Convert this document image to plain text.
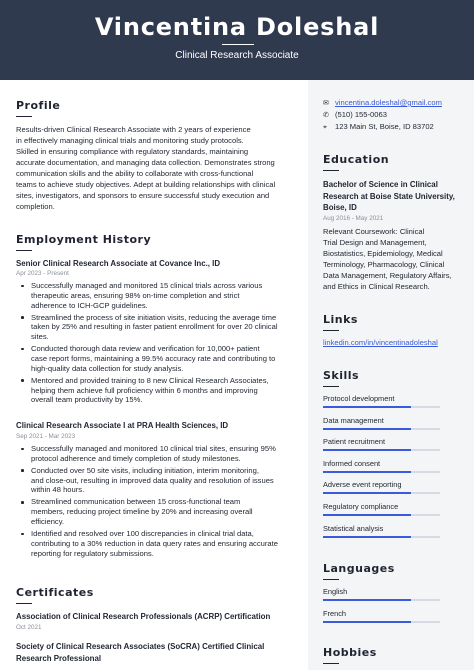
Vincentina Doleshal
Clinical Research Associate
✉ vincentina.doleshal@gmail.com
✆ (510) 155-0063
⌖ 123 Main St, Boise, ID 83702
Education
Bachelor of Science in Clinical
Research at Boise State University,
Boise, ID
Aug 2016 - May 2021
Relevant Coursework: Clinical
Trial Design and Management,
Biostatistics, Epidemiology, Medical
Terminology, Pharmacology, Clinical
Data Management, Regulatory Affairs,
and Ethics in Clinical Research.
Links
linkedin.com/in/vincentinadoleshal
Skills
Protocol development
Data management
Patient recruitment
Informed consent
Adverse event reporting
Regulatory compliance
Statistical analysis
Languages
English
French
Hobbies
Profile
Results-driven Clinical Research Associate with 2 years of experience
in effectively managing clinical trials and monitoring study protocols.
Skilled in ensuring compliance with regulatory standards, maintaining
accurate documentation, and managing data collection. Demonstrates strong
communication skills and the ability to collaborate with cross-functional
teams to achieve study objectives. Adept at building relationships with clinical
sites, investigators, and sponsors to ensure successful study execution and
completion.
Employment History
Senior Clinical Research Associate at Covance Inc., ID
Apr 2023 - Present
Successfully managed and monitored 15 clinical trials across various
therapeutic areas, ensuring 98% on-time completion and strict
adherence to ICH-GCP guidelines.
Streamlined the process of site initiation visits, reducing the average time
taken by 25% and resulting in faster patient enrollment for over 20 clinical
sites.
Conducted thorough data review and verification for 10,000+ patient
case report forms, maintaining a 99.5% accuracy rate and contributing to
high-quality data collection for study analysis.
Mentored and provided training to 8 new Clinical Research Associates,
helping them achieve full proficiency within 6 months and improving
overall team productivity by 15%.
Clinical Research Associate I at PRA Health Sciences, ID
Sep 2021 - Mar 2023
Successfully managed and monitored 10 clinical trial sites, ensuring 95%
protocol adherence and timely completion of study milestones.
Conducted over 50 site visits, including initiation, interim monitoring,
and close-out, resulting in improved data quality and resolution of issues
within 48 hours.
Streamlined communication between 15 cross-functional team
members, reducing project timeline by 20% and increasing overall
efficiency.
Identified and resolved over 100 discrepancies in clinical trial data,
contributing to a 30% reduction in data query rates and ensuring accurate
reporting for regulatory submissions.
Certificates
Association of Clinical Research Professionals (ACRP) Certification
Oct 2021
Society of Clinical Research Associates (SoCRA) Certified Clinical
Research Professional
